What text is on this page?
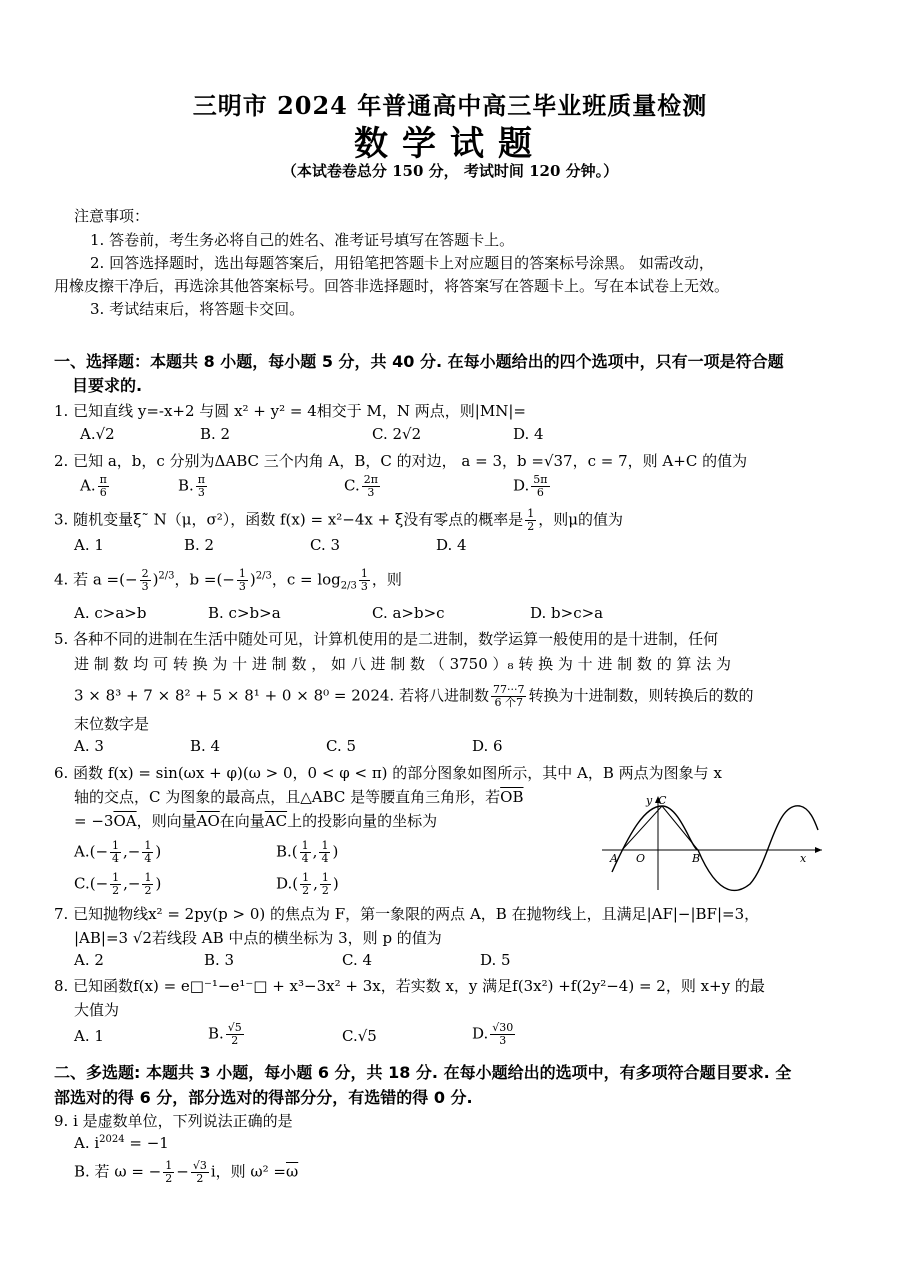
三明市 2024 年普通高中高三毕业班质量检测
数学试题
（本试卷卷总分 150 分， 考试时间 120 分钟。）
注意事项：
1. 答卷前，考生务必将自己的姓名、准考证号填写在答题卡上。
2. 回答选择题时，选出每题答案后，用铅笔把答题卡上对应题目的答案标号涂黑。 如需改动，
用橡皮擦干净后，再选涂其他答案标号。回答非选择题时，将答案写在答题卡上。写在本试卷上无效。
3. 考试结束后，将答题卡交回。
一、选择题：本题共 8 小题，每小题 5 分，共 40 分. 在每小题给出的四个选项中，只有一项是符合题
目要求的.
1. 已知直线 y=-x+2 与圆 x² + y² = 4相交于 M，N 两点，则|MN|=
A.√2	B. 2	C. 2√2	D. 4
2. 已知 a，b，c 分别为ΔABC 三个内角 A，B，C 的对边， a = 3，b =√37，c = 7，则 A+C 的值为
A. $\frac{\pi}{6}$	B. $\frac{\pi}{3}$	C. $\frac{2\pi}{3}$	D. $\frac{5\pi}{6}$
3. 随机变量ξ˜ N（μ，σ²），函数 f(x) = x²−4x + ξ没有零点的概率是 $\frac{1}{2}$ ，则μ的值为
A. 1	B. 2	C. 3	D. 4
4. 若 a =(− $\frac{2}{3} )^{2/3}$，b =(− $\frac{1}{3} )^{2/3}$，$c = \log_{2/3} \frac{1}{3}$ ，则
A. c>a>b	B. c>b>a	C. a>b>c	D. b>c>a
5. 各种不同的进制在生活中随处可见，计算机使用的是二进制，数学运算一般使用的是十进制，任何
进 制 数 均 可 转 换 为 十 进 制 数 ， 如 八 进 制 数 （ 3750 ）₈ 转 换 为 十 进 制 数 的 算 法 为
3 × 8³ + 7 × 8² + 5 × 8¹ + 0 × 8⁰ = 2024. 若将八进制数 $\frac{77\cdot\cdot\cdot 7}{\text{6 个7}}$ 转换为十进制数，则转换后的数的
末位数字是
A. 3	B. 4	C. 5	D. 6
6. 函数 f(x) = sin(ωx + φ)(ω > 0，0 < φ < π) 的部分图象如图所示，其中 A，B 两点为图象与 x
轴的交点，C 为图象的最高点，且△ABC 是等腰直角三角形，若$\overline{OB}$
= $-3\overline{OA}$，则向量$\overline{AO}$在向量$\overline{AC}$上的投影向量的坐标为
$A.(- \frac{1}{4}$ ,− $\frac{1}{4}$ )	$B.( \frac{1}{4}$ , $\frac{1}{4}$ )
$C.(- \frac{1}{2}$ ,− $\frac{1}{2}$ )	$D.( \frac{1}{2}$ , $\frac{1}{2}$ )
y C
A O	B	x
7. 已知抛物线x² = 2py(p > 0) 的焦点为 F，第一象限的两点 A，B 在抛物线上，且满足|AF|−|BF|=3，
|AB|=3 √2若线段 AB 中点的横坐标为 3，则 p 的值为
A. 2	B. 3	C. 4	D. 5
8. 已知函数f(x) = e□⁻¹−e¹⁻□ + x³−3x² + 3x，若实数 x，y 满足f(3x²) +f(2y²−4) = 2，则 x+y 的最
大值为
A. 1	B. $\frac{√5}{2}$	C.√5	D. $\frac{√30}{3}$
二、多选题: 本题共 3 小题，每小题 6 分，共 18 分. 在每小题给出的选项中，有多项符合题目要求. 全
部选对的得 6 分，部分选对的得部分分，有选错的得 0 分.
9. i 是虚数单位，下列说法正确的是
A. $i^{2024} = -1$
B. 若 ω = − $\frac{1}{2} - \frac{√3}{2}$ i，则 $\omega^2 =\overline{\omega}$
